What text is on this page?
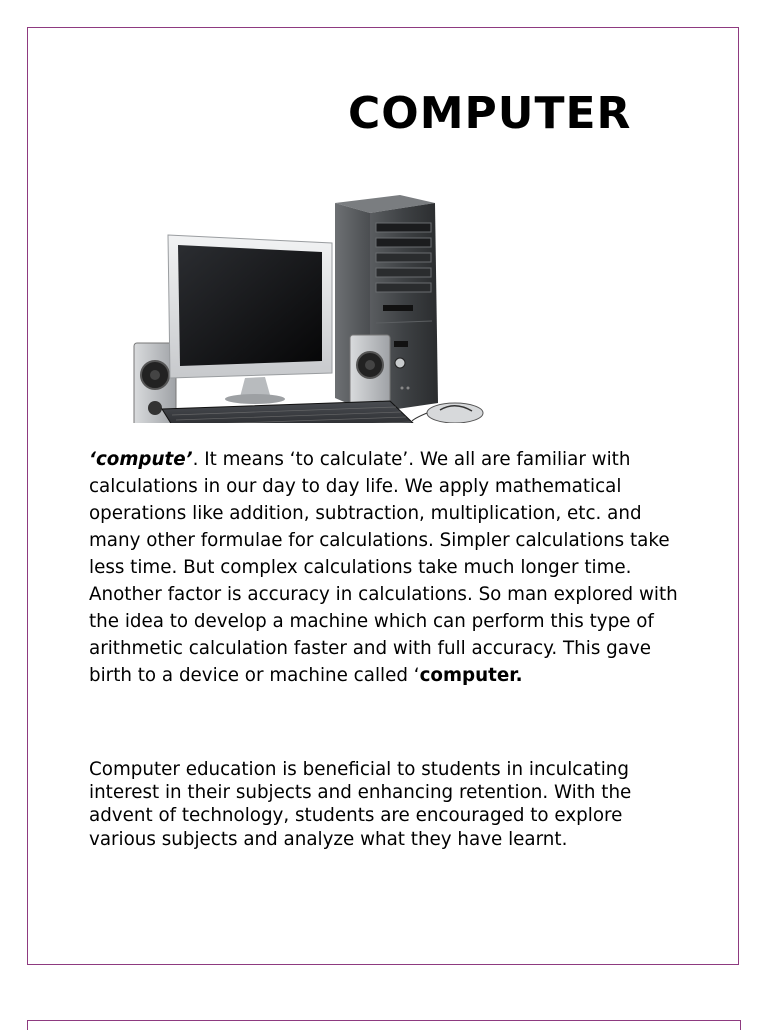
COMPUTER

‘compute’. It means ‘to calculate’. We all are familiar with calculations in our day to day life. We apply mathematical operations like addition, subtraction, multiplication, etc. and many other formulae for calculations. Simpler calculations take less time. But complex calculations take much longer time. Another factor is accuracy in calculations. So man explored with the idea to develop a machine which can perform this type of arithmetic calculation faster and with full accuracy. This gave birth to a device or machine called ‘computer.

Computer education is beneficial to students in inculcating interest in their subjects and enhancing retention. With the advent of technology, students are encouraged to explore various subjects and analyze what they have learnt.
